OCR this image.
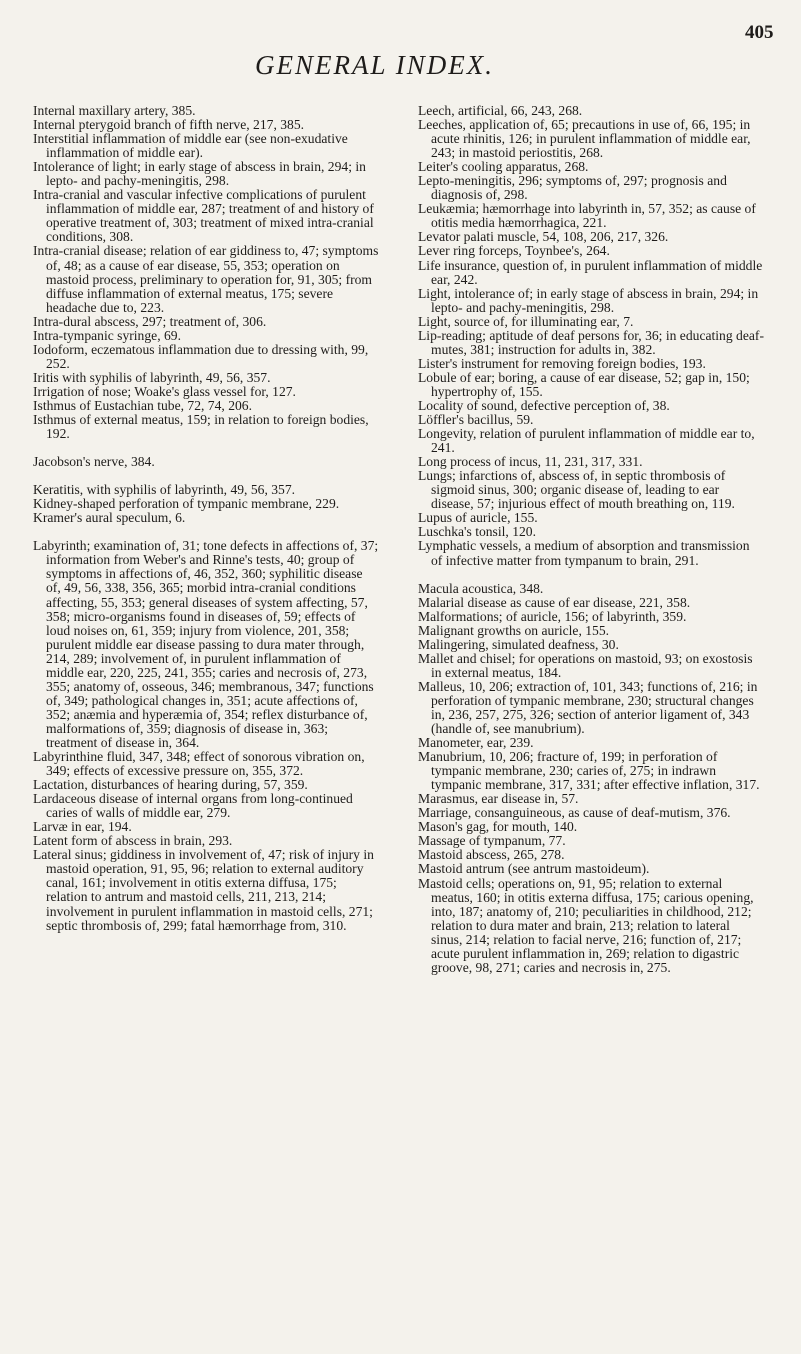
GENERAL INDEX.
405

Internal maxillary artery, 385.

Internal pterygoid branch of fifth nerve, 217, 385.

Interstitial inflammation of middle ear (see non-exudative inflammation of middle ear).

Intolerance of light; in early stage of abscess in brain, 294; in lepto- and pachy-meningitis, 298.

Intra-cranial and vascular infective complications of purulent inflammation of middle ear, 287; treatment of and history of operative treatment of, 303; treatment of mixed intra-cranial conditions, 308.

Intra-cranial disease; relation of ear giddiness to, 47; symptoms of, 48; as a cause of ear disease, 55, 353; operation on mastoid process, preliminary to operation for, 91, 305; from diffuse inflammation of external meatus, 175; severe headache due to, 223.

Intra-dural abscess, 297; treatment of, 306.

Intra-tympanic syringe, 69.

Iodoform, eczematous inflammation due to dressing with, 99, 252.

Iritis with syphilis of labyrinth, 49, 56, 357.

Irrigation of nose; Woake's glass vessel for, 127.

Isthmus of Eustachian tube, 72, 74, 206.

Isthmus of external meatus, 159; in relation to foreign bodies, 192.

Jacobson's nerve, 384.

Keratitis, with syphilis of labyrinth, 49, 56, 357.

Kidney-shaped perforation of tympanic membrane, 229.

Kramer's aural speculum, 6.

Labyrinth; examination of, 31; tone defects in affections of, 37; information from Weber's and Rinne's tests, 40; group of symptoms in affections of, 46, 352, 360; syphilitic disease of, 49, 56, 338, 356, 365; morbid intra-cranial conditions affecting, 55, 353; general diseases of system affecting, 57, 358; micro-organisms found in diseases of, 59; effects of loud noises on, 61, 359; injury from violence, 201, 358; purulent middle ear disease passing to dura mater through, 214, 289; involvement of, in purulent inflammation of middle ear, 220, 225, 241, 355; caries and necrosis of, 273, 355; anatomy of, osseous, 346; membranous, 347; functions of, 349; pathological changes in, 351; acute affections of, 352; anæmia and hyperæmia of, 354; reflex disturbance of, malformations of, 359; diagnosis of disease in, 363; treatment of disease in, 364.

Labyrinthine fluid, 347, 348; effect of sonorous vibration on, 349; effects of excessive pressure on, 355, 372.

Lactation, disturbances of hearing during, 57, 359.

Lardaceous disease of internal organs from long-continued caries of walls of middle ear, 279.

Larvæ in ear, 194.

Latent form of abscess in brain, 293.

Lateral sinus; giddiness in involvement of, 47; risk of injury in mastoid operation, 91, 95, 96; relation to external auditory canal, 161; involvement in otitis externa diffusa, 175; relation to antrum and mastoid cells, 211, 213, 214; involvement in purulent inflammation in mastoid cells, 271; septic thrombosis of, 299; fatal hæmorrhage from, 310.

Leech, artificial, 66, 243, 268.

Leeches, application of, 65; precautions in use of, 66, 195; in acute rhinitis, 126; in purulent inflammation of middle ear, 243; in mastoid periostitis, 268.

Leiter's cooling apparatus, 268.

Lepto-meningitis, 296; symptoms of, 297; prognosis and diagnosis of, 298.

Leukæmia; hæmorrhage into labyrinth in, 57, 352; as cause of otitis media hæmorrhagica, 221.

Levator palati muscle, 54, 108, 206, 217, 326.

Lever ring forceps, Toynbee's, 264.

Life insurance, question of, in purulent inflammation of middle ear, 242.

Light, intolerance of; in early stage of abscess in brain, 294; in lepto- and pachy-meningitis, 298.

Light, source of, for illuminating ear, 7.

Lip-reading; aptitude of deaf persons for, 36; in educating deaf-mutes, 381; instruction for adults in, 382.

Lister's instrument for removing foreign bodies, 193.

Lobule of ear; boring, a cause of ear disease, 52; gap in, 150; hypertrophy of, 155.

Locality of sound, defective perception of, 38.

Löffler's bacillus, 59.

Longevity, relation of purulent inflammation of middle ear to, 241.

Long process of incus, 11, 231, 317, 331.

Lungs; infarctions of, abscess of, in septic thrombosis of sigmoid sinus, 300; organic disease of, leading to ear disease, 57; injurious effect of mouth breathing on, 119.

Lupus of auricle, 155.

Luschka's tonsil, 120.

Lymphatic vessels, a medium of absorption and transmission of infective matter from tympanum to brain, 291.

Macula acoustica, 348.

Malarial disease as cause of ear disease, 221, 358.

Malformations; of auricle, 156; of labyrinth, 359.

Malignant growths on auricle, 155.

Malingering, simulated deafness, 30.

Mallet and chisel; for operations on mastoid, 93; on exostosis in external meatus, 184.

Malleus, 10, 206; extraction of, 101, 343; functions of, 216; in perforation of tympanic membrane, 230; structural changes in, 236, 257, 275, 326; section of anterior ligament of, 343 (handle of, see manubrium).

Manometer, ear, 239.

Manubrium, 10, 206; fracture of, 199; in perforation of tympanic membrane, 230; caries of, 275; in indrawn tympanic membrane, 317, 331; after effective inflation, 317.

Marasmus, ear disease in, 57.

Marriage, consanguineous, as cause of deaf-mutism, 376.

Mason's gag, for mouth, 140.

Massage of tympanum, 77.

Mastoid abscess, 265, 278.

Mastoid antrum (see antrum mastoideum).

Mastoid cells; operations on, 91, 95; relation to external meatus, 160; in otitis externa diffusa, 175; carious opening, into, 187; anatomy of, 210; peculiarities in childhood, 212; relation to dura mater and brain, 213; relation to lateral sinus, 214; relation to facial nerve, 216; function of, 217; acute purulent inflammation in, 269; relation to digastric groove, 98, 271; caries and necrosis in, 275.
